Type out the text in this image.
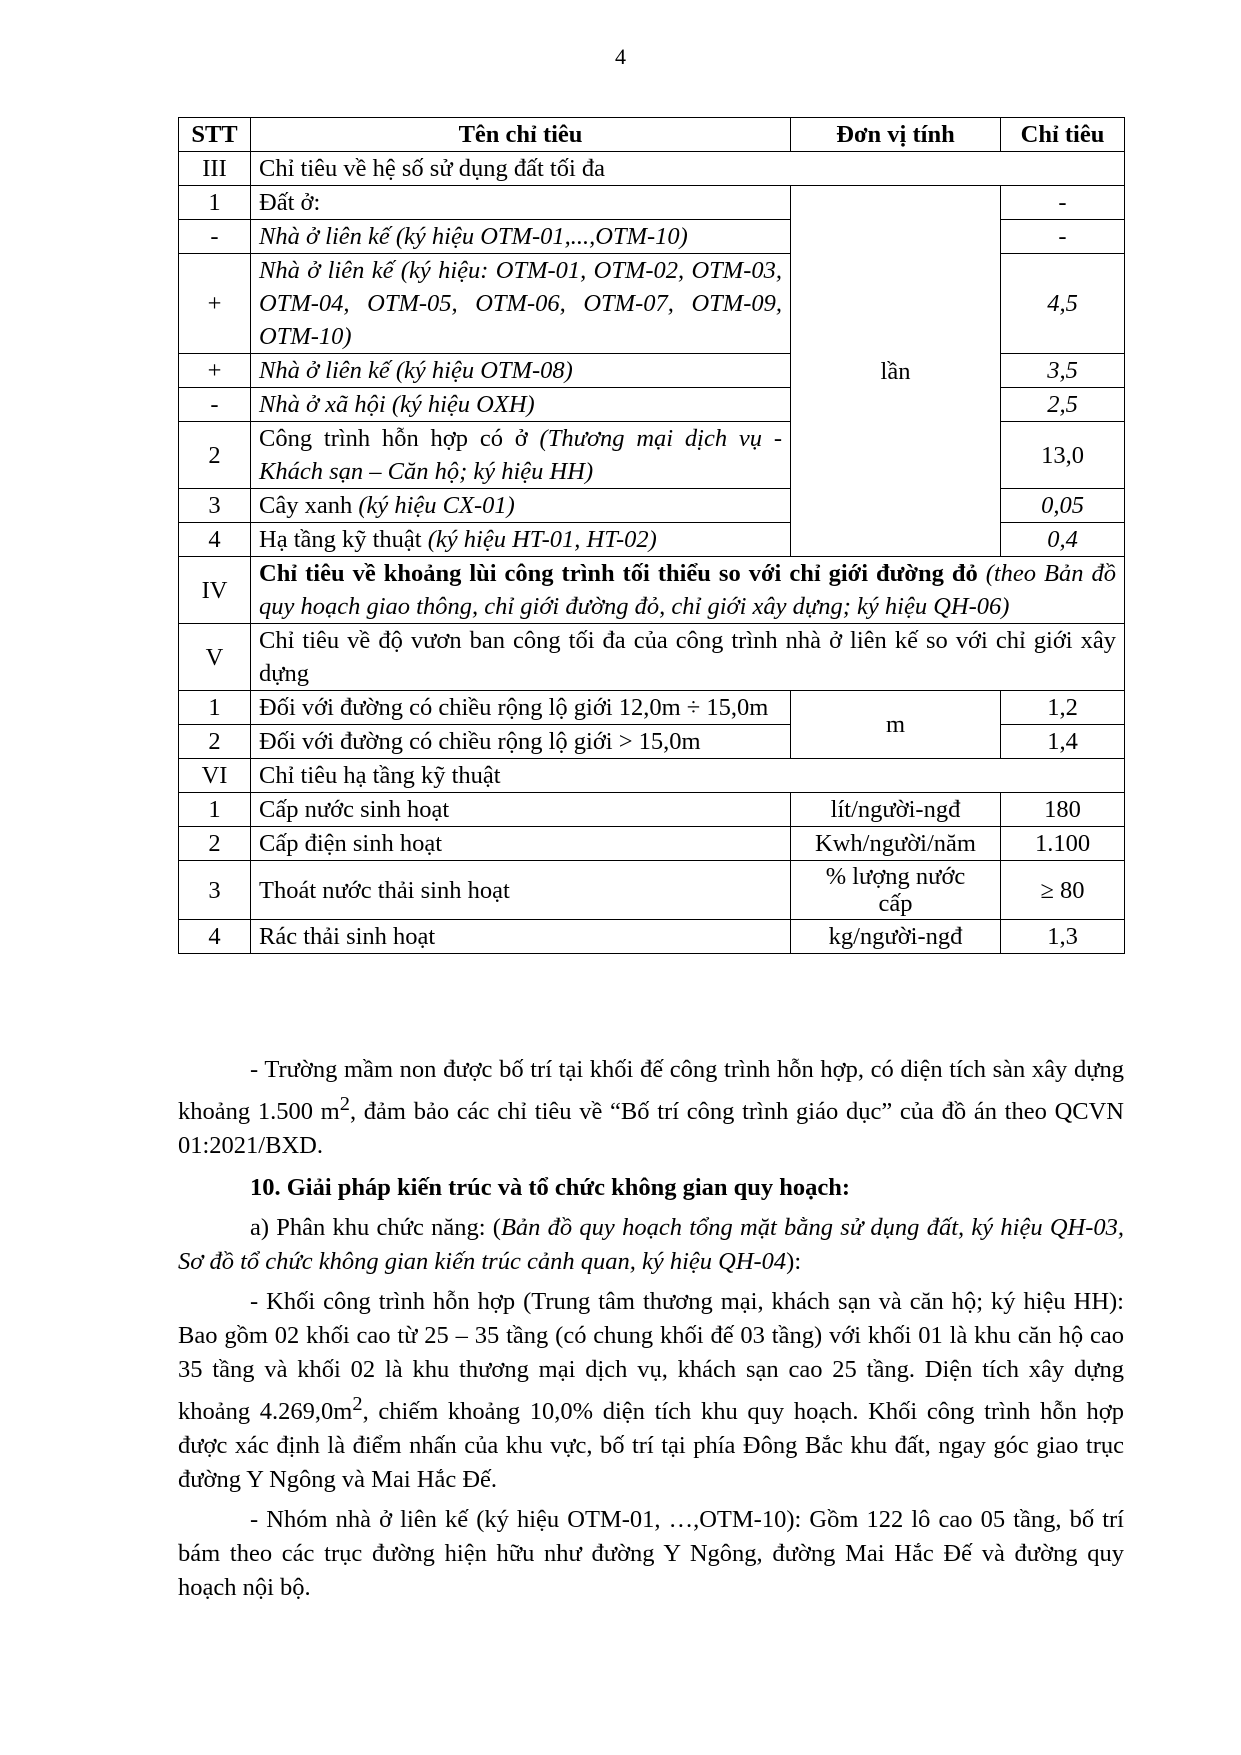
4
STT	Tên chỉ tiêu	Đơn vị tính	Chỉ tiêu
III	Chỉ tiêu về hệ số sử dụng đất tối đa		
1	Đất ở:	lần	-
-	Nhà ở liên kế (ký hiệu OTM-01,...,OTM-10)		-
+	Nhà ở liên kế (ký hiệu: OTM-01, OTM-02, OTM-03, OTM-04, OTM-05, OTM-06, OTM-07, OTM-09, OTM-10)		4,5
+	Nhà ở liên kế (ký hiệu OTM-08)		3,5
-	Nhà ở xã hội (ký hiệu OXH)		2,5
2	Công trình hỗn hợp có ở (Thương mại dịch vụ - Khách sạn – Căn hộ; ký hiệu HH)		13,0
3	Cây xanh (ký hiệu CX-01)		0,05
4	Hạ tầng kỹ thuật (ký hiệu HT-01, HT-02)		0,4
IV	Chỉ tiêu về khoảng lùi công trình tối thiểu so với chỉ giới đường đỏ (theo Bản đồ quy hoạch giao thông, chỉ giới đường đỏ, chỉ giới xây dựng; ký hiệu QH-06)		
V	Chỉ tiêu về độ vươn ban công tối đa của công trình nhà ở liên kế so với chỉ giới xây dựng		
1	Đối với đường có chiều rộng lộ giới 12,0m ÷ 15,0m	m	1,2
2	Đối với đường có chiều rộng lộ giới > 15,0m		1,4
VI	Chỉ tiêu hạ tầng kỹ thuật		
1	Cấp nước sinh hoạt	lít/người-ngđ	180
2	Cấp điện sinh hoạt	Kwh/người/năm	1.100
3	Thoát nước thải sinh hoạt	% lượng nước cấp	≥ 80
4	Rác thải sinh hoạt	kg/người-ngđ	1,3

- Trường mầm non được bố trí tại khối đế công trình hỗn hợp, có diện tích sàn xây dựng khoảng 1.500 $m^2$, đảm bảo các chỉ tiêu về “Bố trí công trình giáo dục” của đồ án theo QCVN 01:2021/BXD.

10. Giải pháp kiến trúc và tổ chức không gian quy hoạch:

a) Phân khu chức năng: (Bản đồ quy hoạch tổng mặt bằng sử dụng đất, ký hiệu QH-03, Sơ đồ tổ chức không gian kiến trúc cảnh quan, ký hiệu QH-04):

- Khối công trình hỗn hợp (Trung tâm thương mại, khách sạn và căn hộ; ký hiệu HH): Bao gồm 02 khối cao từ 25 – 35 tầng (có chung khối đế 03 tầng) với khối 01 là khu căn hộ cao 35 tầng và khối 02 là khu thương mại dịch vụ, khách sạn cao 25 tầng. Diện tích xây dựng khoảng $4.269,0m^2$, chiếm khoảng 10,0% diện tích khu quy hoạch. Khối công trình hỗn hợp được xác định là điểm nhấn của khu vực, bố trí tại phía Đông Bắc khu đất, ngay góc giao trục đường Y Ngông và Mai Hắc Đế.

- Nhóm nhà ở liên kế (ký hiệu OTM-01, …,OTM-10): Gồm 122 lô cao 05 tầng, bố trí bám theo các trục đường hiện hữu như đường Y Ngông, đường Mai Hắc Đế và đường quy hoạch nội bộ.
